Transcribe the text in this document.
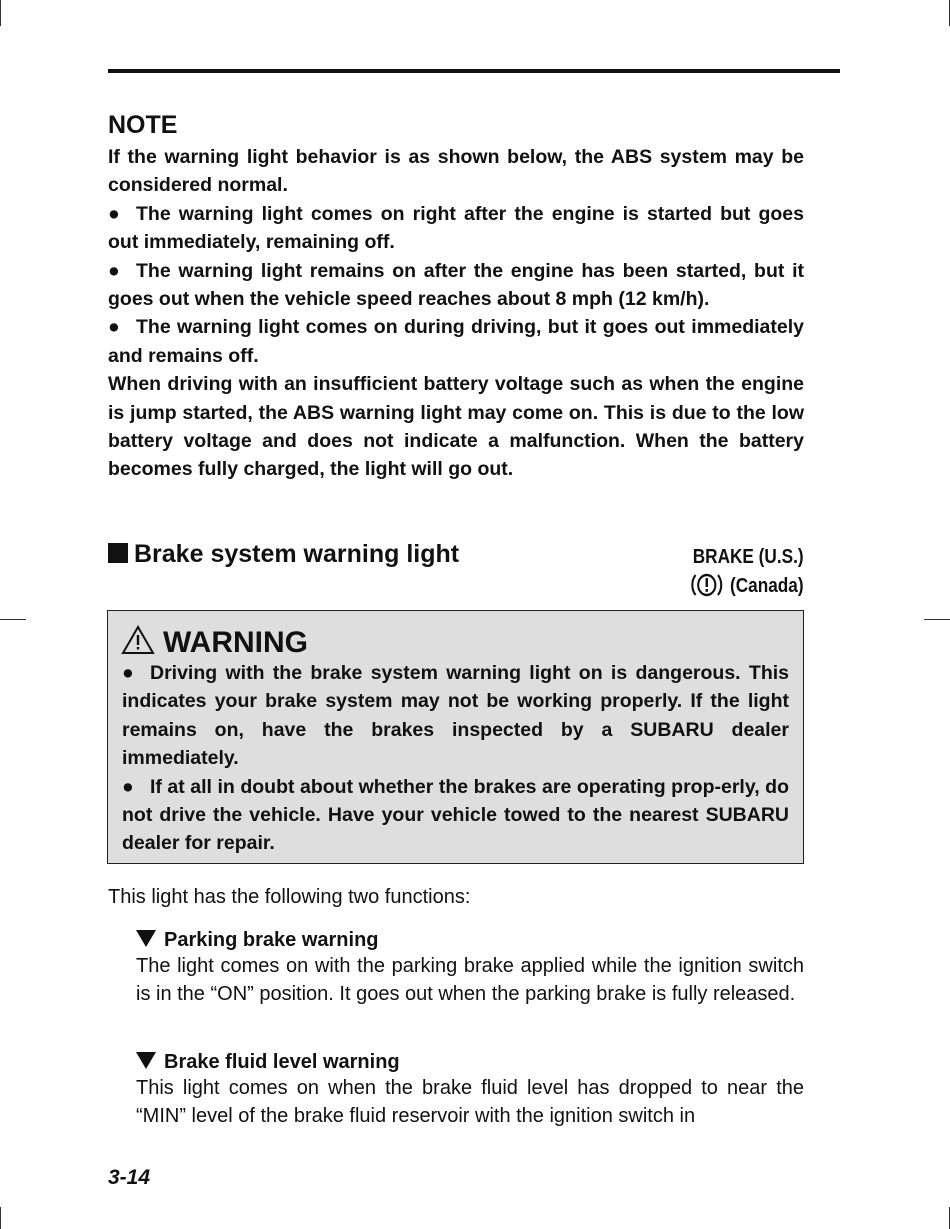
NOTE

If the warning light behavior is as shown below, the ABS system may be considered normal.

● The warning light comes on right after the engine is started but goes out immediately, remaining off.

● The warning light remains on after the engine has been started, but it goes out when the vehicle speed reaches about 8 mph (12 km/h).

● The warning light comes on during driving, but it goes out immediately and remains off.

When driving with an insufficient battery voltage such as when the engine is jump started, the ABS warning light may come on. This is due to the low battery voltage and does not indicate a malfunction. When the battery becomes fully charged, the light will go out.

Brake system warning light	BRAKE (U.S.)
(Canada)
WARNING

● Driving with the brake system warning light on is dangerous. This indicates your brake system may not be working properly. If the light remains on, have the brakes inspected by a SUBARU dealer immediately.

● If at all in doubt about whether the brakes are operating prop-erly, do not drive the vehicle. Have your vehicle towed to the nearest SUBARU dealer for repair.

This light has the following two functions:
Parking brake warning
The light comes on with the parking brake applied while the ignition switch is in the “ON” position. It goes out when the parking brake is fully released.
Brake fluid level warning
This light comes on when the brake fluid level has dropped to near the “MIN” level of the brake fluid reservoir with the ignition switch in
3-14
